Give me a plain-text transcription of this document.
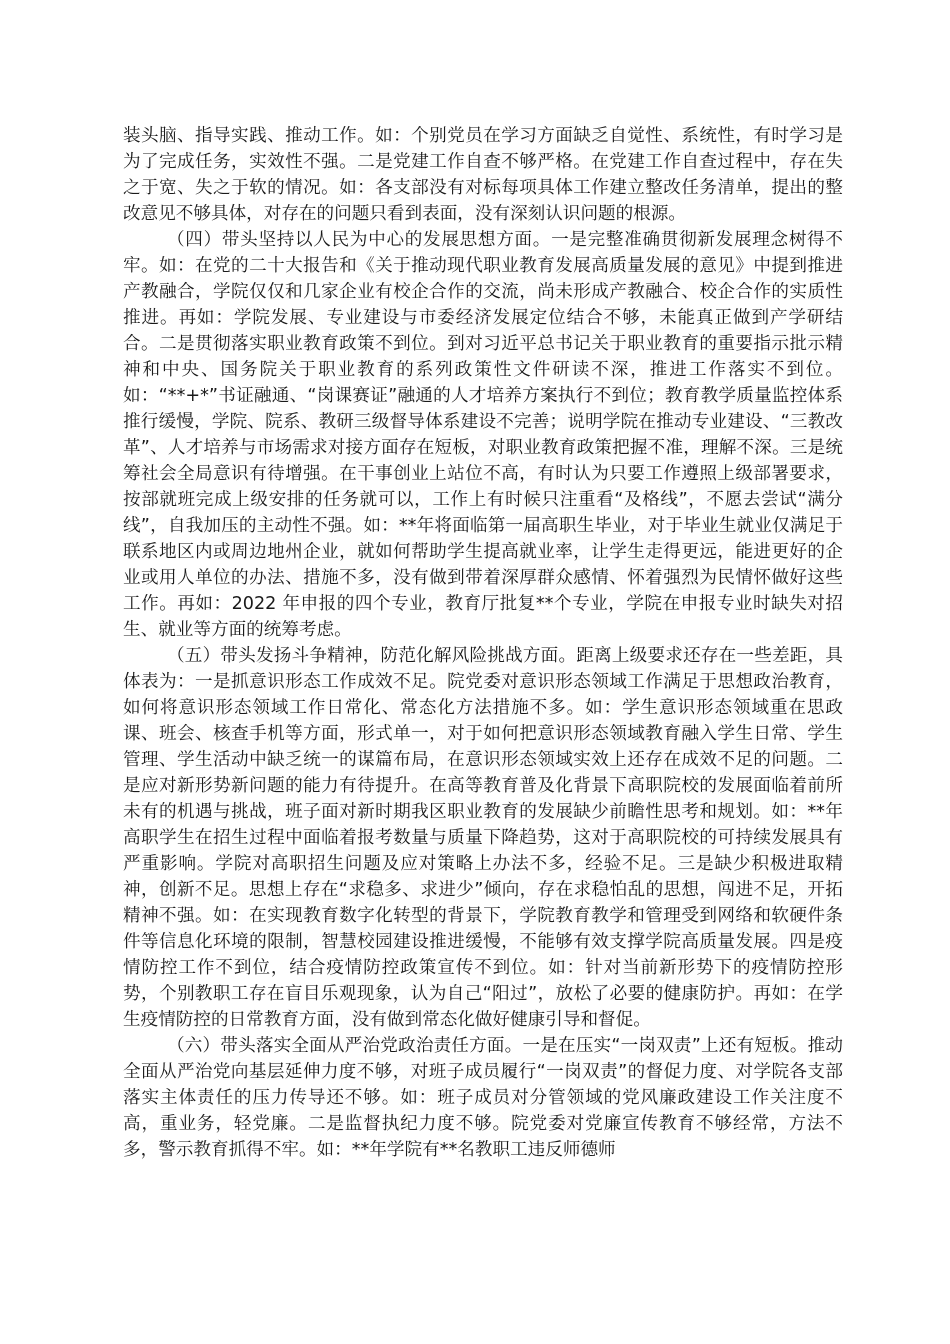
装头脑、指导实践、推动工作。如：个别党员在学习方面缺乏自觉性、系统性，有时学习是为了完成任务，实效性不强。二是党建工作自查不够严格。在党建工作自查过程中，存在失之于宽、失之于软的情况。如：各支部没有对标每项具体工作建立整改任务清单，提出的整改意见不够具体，对存在的问题只看到表面，没有深刻认识问题的根源。

（四）带头坚持以人民为中心的发展思想方面。一是完整准确贯彻新发展理念树得不牢。如：在党的二十大报告和《关于推动现代职业教育发展高质量发展的意见》中提到推进产教融合，学院仅仅和几家企业有校企合作的交流，尚未形成产教融合、校企合作的实质性推进。再如：学院发展、专业建设与市委经济发展定位结合不够，未能真正做到产学研结合。二是贯彻落实职业教育政策不到位。到对习近平总书记关于职业教育的重要指示批示精神和中央、国务院关于职业教育的系列政策性文件研读不深，推进工作落实不到位。如：“**+*”书证融通、“岗课赛证”融通的人才培养方案执行不到位；教育教学质量监控体系推行缓慢，学院、院系、教研三级督导体系建设不完善；说明学院在推动专业建设、“三教改革”、人才培养与市场需求对接方面存在短板，对职业教育政策把握不准，理解不深。三是统筹社会全局意识有待增强。在干事创业上站位不高，有时认为只要工作遵照上级部署要求，按部就班完成上级安排的任务就可以，工作上有时候只注重看“及格线”，不愿去尝试“满分线”，自我加压的主动性不强。如：**年将面临第一届高职生毕业，对于毕业生就业仅满足于联系地区内或周边地州企业，就如何帮助学生提高就业率，让学生走得更远，能进更好的企业或用人单位的办法、措施不多，没有做到带着深厚群众感情、怀着强烈为民情怀做好这些工作。再如：2022 年申报的四个专业，教育厅批复**个专业，学院在申报专业时缺失对招生、就业等方面的统筹考虑。

（五）带头发扬斗争精神，防范化解风险挑战方面。距离上级要求还存在一些差距，具体表为：一是抓意识形态工作成效不足。院党委对意识形态领域工作满足于思想政治教育，如何将意识形态领域工作日常化、常态化方法措施不多。如：学生意识形态领域重在思政课、班会、核查手机等方面，形式单一，对于如何把意识形态领域教育融入学生日常、学生管理、学生活动中缺乏统一的谋篇布局，在意识形态领域实效上还存在成效不足的问题。二是应对新形势新问题的能力有待提升。在高等教育普及化背景下高职院校的发展面临着前所未有的机遇与挑战，班子面对新时期我区职业教育的发展缺少前瞻性思考和规划。如：**年高职学生在招生过程中面临着报考数量与质量下降趋势，这对于高职院校的可持续发展具有严重影响。学院对高职招生问题及应对策略上办法不多，经验不足。三是缺少积极进取精神，创新不足。思想上存在“求稳多、求进少”倾向，存在求稳怕乱的思想，闯进不足，开拓精神不强。如：在实现教育数字化转型的背景下，学院教育教学和管理受到网络和软硬件条件等信息化环境的限制，智慧校园建设推进缓慢，不能够有效支撑学院高质量发展。四是疫情防控工作不到位，结合疫情防控政策宣传不到位。如：针对当前新形势下的疫情防控形势，个别教职工存在盲目乐观现象，认为自己“阳过”，放松了必要的健康防护。再如：在学生疫情防控的日常教育方面，没有做到常态化做好健康引导和督促。

（六）带头落实全面从严治党政治责任方面。一是在压实“一岗双责”上还有短板。推动全面从严治党向基层延伸力度不够，对班子成员履行“一岗双责”的督促力度、对学院各支部落实主体责任的压力传导还不够。如：班子成员对分管领域的党风廉政建设工作关注度不高，重业务，轻党廉。二是监督执纪力度不够。院党委对党廉宣传教育不够经常，方法不多，警示教育抓得不牢。如：**年学院有**名教职工违反师德师
